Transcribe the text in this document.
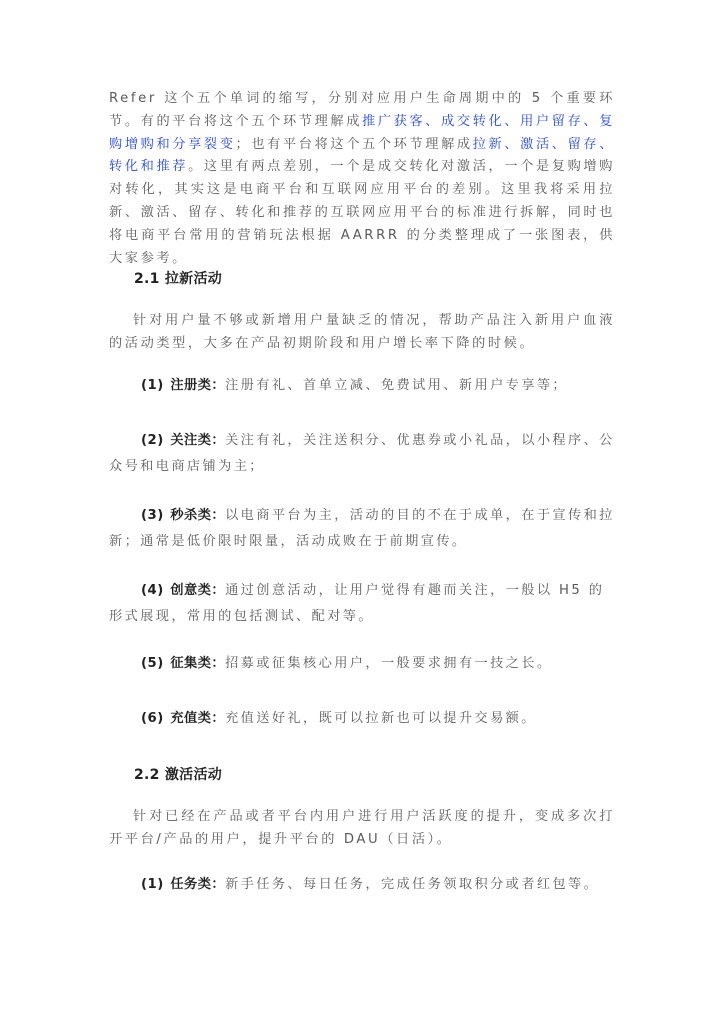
Refer 这个五个单词的缩写，分别对应用户生命周期中的 5 个重要环节。有的平台将这个五个环节理解成推广获客、成交转化、用户留存、复购增购和分享裂变；也有平台将这个五个环节理解成拉新、激活、留存、转化和推荐。这里有两点差别，一个是成交转化对激活，一个是复购增购对转化，其实这是电商平台和互联网应用平台的差别。这里我将采用拉新、激活、留存、转化和推荐的互联网应用平台的标准进行拆解，同时也将电商平台常用的营销玩法根据 AARRR 的分类整理成了一张图表，供大家参考。

2.1 拉新活动

针对用户量不够或新增用户量缺乏的情况，帮助产品注入新用户血液的活动类型，大多在产品初期阶段和用户增长率下降的时候。

(1) 注册类：注册有礼、首单立减、免费试用、新用户专享等；

(2) 关注类：关注有礼，关注送积分、优惠券或小礼品，以小程序、公众号和电商店铺为主；

(3) 秒杀类：以电商平台为主，活动的目的不在于成单，在于宣传和拉新；通常是低价限时限量，活动成败在于前期宣传。

(4) 创意类：通过创意活动，让用户觉得有趣而关注，一般以 H5 的形式展现，常用的包括测试、配对等。

(5) 征集类：招募或征集核心用户，一般要求拥有一技之长。

(6) 充值类：充值送好礼，既可以拉新也可以提升交易额。

2.2 激活活动

针对已经在产品或者平台内用户进行用户活跃度的提升，变成多次打开平台/产品的用户，提升平台的 DAU（日活）。

(1) 任务类：新手任务、每日任务，完成任务领取积分或者红包等。
